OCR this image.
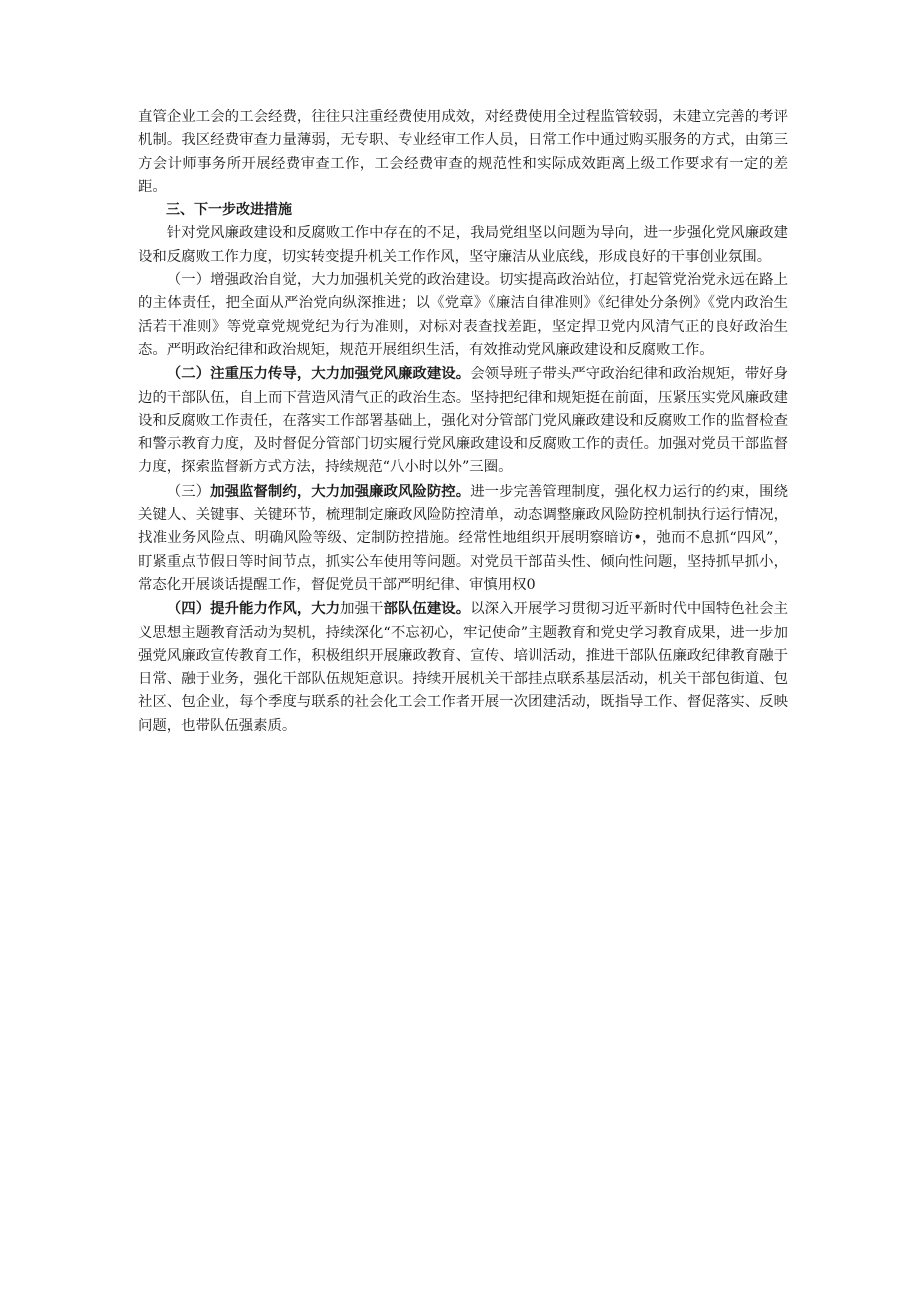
直管企业工会的工会经费，往往只注重经费使用成效，对经费使用全过程监管较弱，未建立完善的考评机制。我区经费审查力量薄弱，无专职、专业经审工作人员，日常工作中通过购买服务的方式，由第三方会计师事务所开展经费审查工作，工会经费审查的规范性和实际成效距离上级工作要求有一定的差距。

三、下一步改进措施

针对党风廉政建设和反腐败工作中存在的不足，我局党组坚以问题为导向，进一步强化党风廉政建设和反腐败工作力度，切实转变提升机关工作作风，坚守廉洁从业底线，形成良好的干事创业氛围。

（一）增强政治自觉，大力加强机关党的政治建设。切实提高政治站位，打起管党治党永远在路上的主体责任，把全面从严治党向纵深推进；以《党章》《廉洁自律准则》《纪律处分条例》《党内政治生活若干准则》等党章党规党纪为行为准则，对标对表查找差距，坚定捍卫党内风清气正的良好政治生态。严明政治纪律和政治规矩，规范开展组织生活，有效推动党风廉政建设和反腐败工作。

（二）注重压力传导，大力加强党风廉政建设。会领导班子带头严守政治纪律和政治规矩，带好身边的干部队伍，自上而下营造风清气正的政治生态。坚持把纪律和规矩挺在前面，压紧压实党风廉政建设和反腐败工作责任，在落实工作部署基础上，强化对分管部门党风廉政建设和反腐败工作的监督检查和警示教育力度，及时督促分管部门切实履行党风廉政建设和反腐败工作的责任。加强对党员干部监督力度，探索监督新方式方法，持续规范“八小时以外”三圈。

（三）加强监督制约，大力加强廉政风险防控。进一步完善管理制度，强化权力运行的约束，围绕关键人、关键事、关键环节，梳理制定廉政风险防控清单，动态调整廉政风险防控机制执行运行情况，找准业务风险点、明确风险等级、定制防控措施。经常性地组织开展明察暗访•，弛而不息抓“四风”，盯紧重点节假日等时间节点，抓实公车使用等问题。对党员干部苗头性、倾向性问题，坚持抓早抓小，常态化开展谈话提醒工作，督促党员干部严明纪律、审慎用权0

（四）提升能力作风，大力加强干部队伍建设。以深入开展学习贯彻习近平新时代中国特色社会主义思想主题教育活动为契机，持续深化“不忘初心，牢记使命”主题教育和党史学习教育成果，进一步加强党风廉政宣传教育工作，积极组织开展廉政教育、宣传、培训活动，推进干部队伍廉政纪律教育融于日常、融于业务，强化干部队伍规矩意识。持续开展机关干部挂点联系基层活动，机关干部包街道、包社区、包企业，每个季度与联系的社会化工会工作者开展一次团建活动，既指导工作、督促落实、反映问题，也带队伍强素质。
